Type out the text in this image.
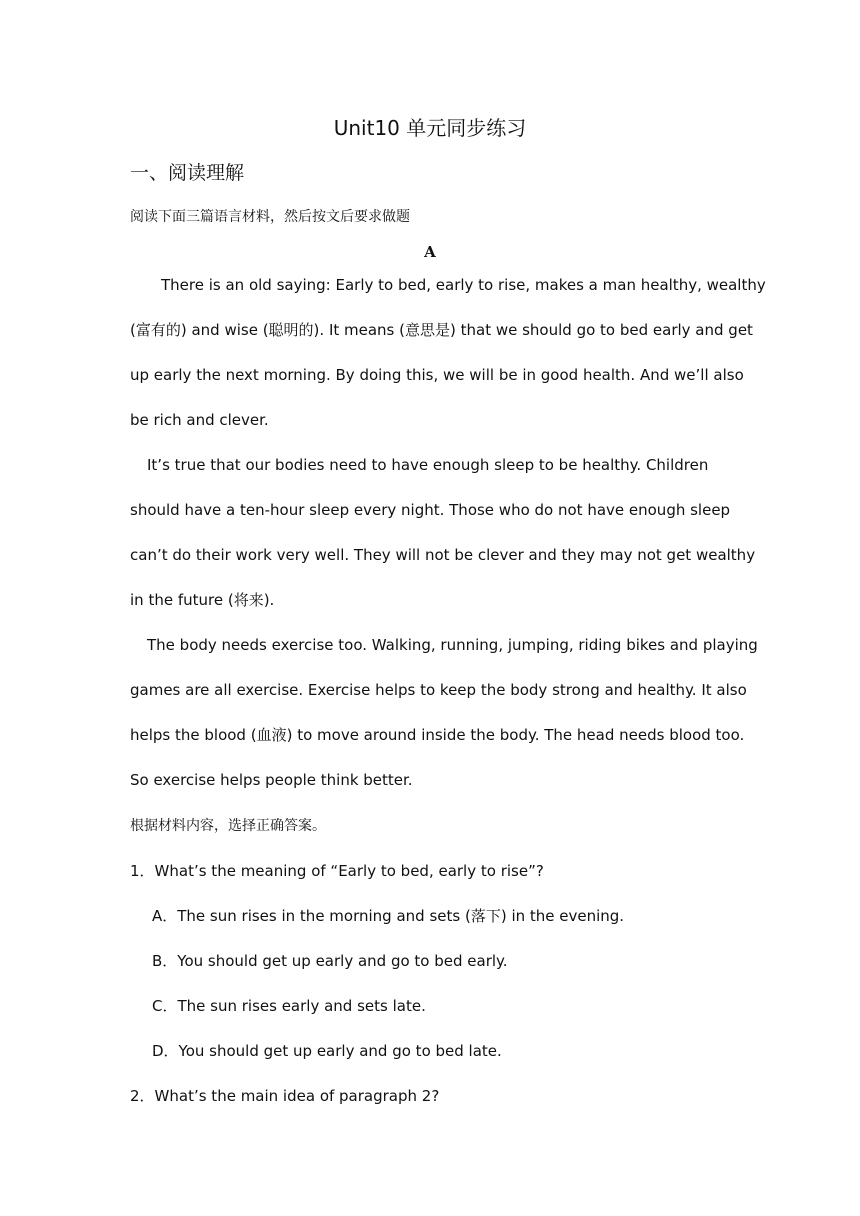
Unit10 单元同步练习
一、阅读理解
阅读下面三篇语言材料，然后按文后要求做题
A
There is an old saying: Early to bed, early to rise, makes a man healthy, wealthy
(富有的) and wise (聪明的). It means (意思是) that we should go to bed early and get
up early the next morning. By doing this, we will be in good health. And we’ll also
be rich and clever.
It’s true that our bodies need to have enough sleep to be healthy. Children
should have a ten-hour sleep every night. Those who do not have enough sleep
can’t do their work very well. They will not be clever and they may not get wealthy
in the future (将来).
The body needs exercise too. Walking, running, jumping, riding bikes and playing
games are all exercise. Exercise helps to keep the body strong and healthy. It also
helps the blood (血液) to move around inside the body. The head needs blood too.
So exercise helps people think better.
根据材料内容，选择正确答案。
1．What’s the meaning of “Early to bed, early to rise”?
A．The sun rises in the morning and sets (落下) in the evening.
B．You should get up early and go to bed early.
C．The sun rises early and sets late.
D．You should get up early and go to bed late.
2．What’s the main idea of paragraph 2?
